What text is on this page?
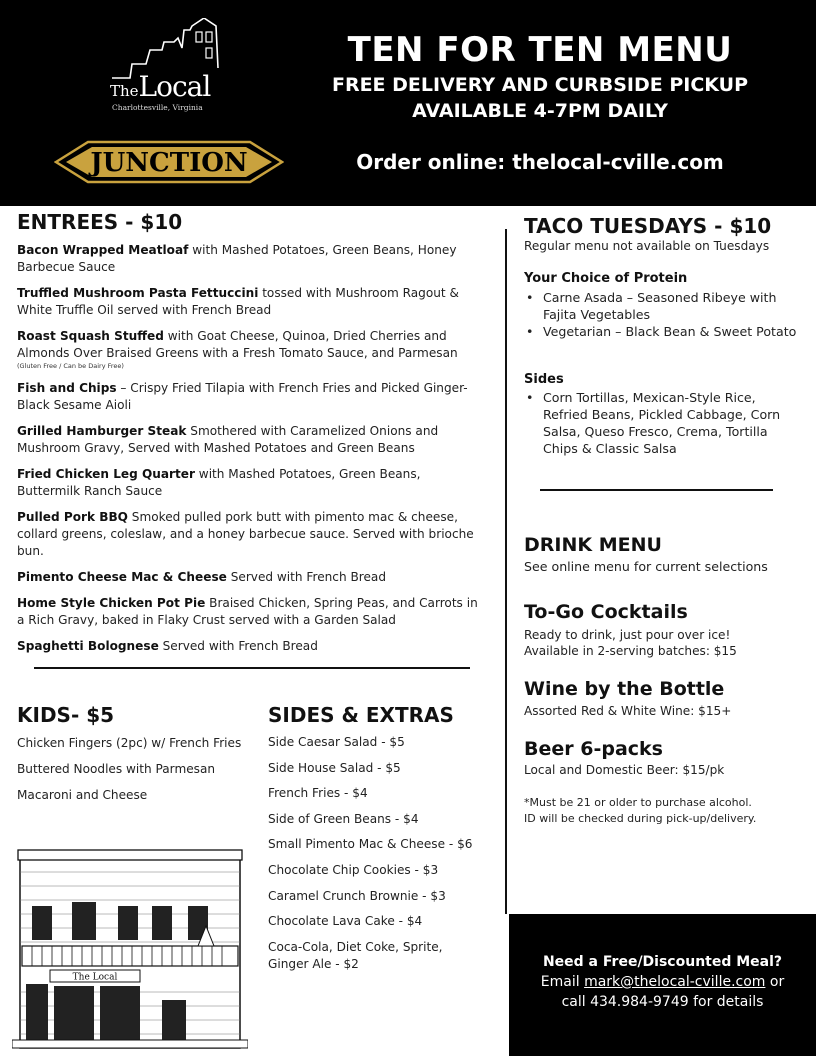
TheLocal
Charlottesville, Virginia
JUNCTION
TEN FOR TEN MENU
FREE DELIVERY AND CURBSIDE PICKUP
AVAILABLE 4-7PM DAILY
Order online: thelocal-cville.com
ENTREES - $10
Bacon Wrapped Meatloaf with Mashed Potatoes, Green Beans, Honey Barbecue Sauce
Truffled Mushroom Pasta Fettuccini tossed with Mushroom Ragout & White Truffle Oil served with French Bread
Roast Squash Stuffed with Goat Cheese, Quinoa, Dried Cherries and Almonds Over Braised Greens with a Fresh Tomato Sauce, and Parmesan
(Gluten Free / Can be Dairy Free)
Fish and Chips – Crispy Fried Tilapia with French Fries and Picked Ginger-Black Sesame Aioli
Grilled Hamburger Steak Smothered with Caramelized Onions and Mushroom Gravy, Served with Mashed Potatoes and Green Beans
Fried Chicken Leg Quarter with Mashed Potatoes, Green Beans, Buttermilk Ranch Sauce
Pulled Pork BBQ Smoked pulled pork butt with pimento mac & cheese, collard greens, coleslaw, and a honey barbecue sauce. Served with brioche bun.
Pimento Cheese Mac & Cheese Served with French Bread
Home Style Chicken Pot Pie Braised Chicken, Spring Peas, and Carrots in a Rich Gravy, baked in Flaky Crust served with a Garden Salad
Spaghetti Bolognese Served with French Bread
KIDS- $5
Chicken Fingers (2pc) w/ French Fries
Buttered Noodles with Parmesan
Macaroni and Cheese
SIDES & EXTRAS
Side Caesar Salad - $5
Side House Salad - $5
French Fries - $4
Side of Green Beans - $4
Small Pimento Mac & Cheese - $6
Chocolate Chip Cookies - $3
Caramel Crunch Brownie - $3
Chocolate Lava Cake - $4
Coca-Cola, Diet Coke, Sprite, Ginger Ale - $2
The Local
TACO TUESDAYS - $10
Regular menu not available on Tuesdays
Your Choice of Protein
• Carne Asada – Seasoned Ribeye with Fajita Vegetables
• Vegetarian – Black Bean & Sweet Potato
Sides
• Corn Tortillas, Mexican-Style Rice, Refried Beans, Pickled Cabbage, Corn Salsa, Queso Fresco, Crema, Tortilla Chips & Classic Salsa
DRINK MENU
See online menu for current selections
To-Go Cocktails
Ready to drink, just pour over ice!
Available in 2-serving batches: $15
Wine by the Bottle
Assorted Red & White Wine: $15+
Beer 6-packs
Local and Domestic Beer: $15/pk
*Must be 21 or older to purchase alcohol.
ID will be checked during pick-up/delivery.
Need a Free/Discounted Meal?
Email mark@thelocal-cville.com or
call 434.984-9749 for details
